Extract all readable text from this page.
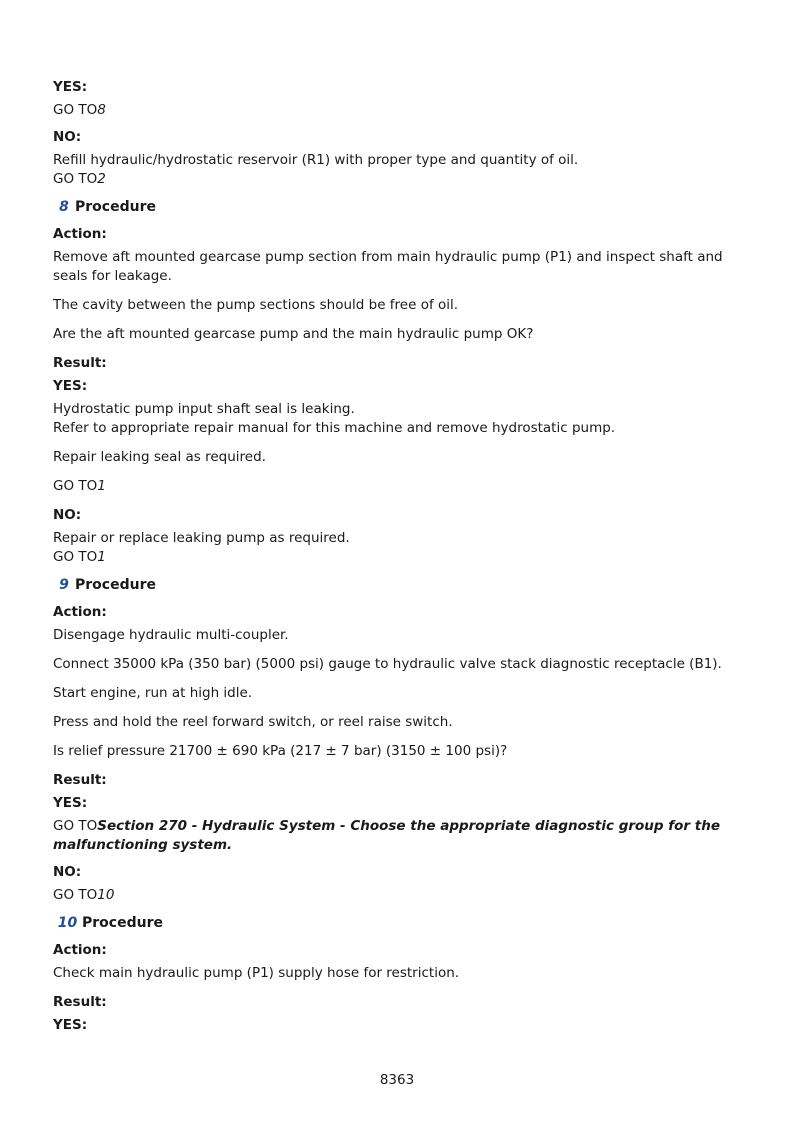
YES:

GO TO8

NO:

Refill hydraulic/hydrostatic reservoir (R1) with proper type and quantity of oil.

GO TO2

8 Procedure

Action:

Remove aft mounted gearcase pump section from main hydraulic pump (P1) and inspect shaft and seals for leakage.

The cavity between the pump sections should be free of oil.

Are the aft mounted gearcase pump and the main hydraulic pump OK?

Result:

YES:

Hydrostatic pump input shaft seal is leaking.

Refer to appropriate repair manual for this machine and remove hydrostatic pump.

Repair leaking seal as required.

GO TO1

NO:

Repair or replace leaking pump as required.

GO TO1

9 Procedure

Action:

Disengage hydraulic multi-coupler.

Connect 35000 kPa (350 bar) (5000 psi) gauge to hydraulic valve stack diagnostic receptacle (B1).

Start engine, run at high idle.

Press and hold the reel forward switch, or reel raise switch.

Is relief pressure 21700 ± 690 kPa (217 ± 7 bar) (3150 ± 100 psi)?

Result:

YES:

GO TOSection 270 - Hydraulic System - Choose the appropriate diagnostic group for the malfunctioning system.

NO:

GO TO10

10 Procedure

Action:

Check main hydraulic pump (P1) supply hose for restriction.

Result:

YES:

8363
